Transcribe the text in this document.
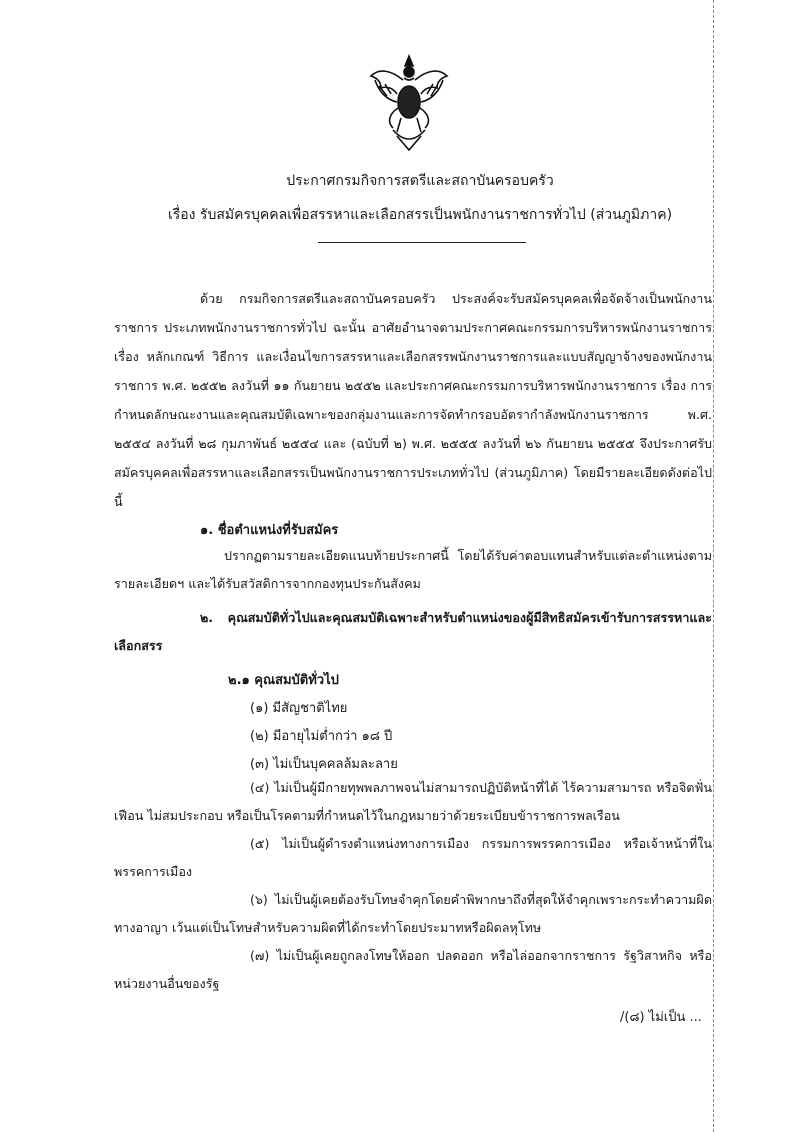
ประกาศกรมกิจการสตรีและสถาบันครอบครัว
เรื่อง รับสมัครบุคคลเพื่อสรรหาและเลือกสรรเป็นพนักงานราชการทั่วไป (ส่วนภูมิภาค)
ด้วย กรมกิจการสตรีและสถาบันครอบครัว ประสงค์จะรับสมัครบุคคลเพื่อจัดจ้างเป็นพนักงานราชการ ประเภทพนักงานราชการทั่วไป ฉะนั้น อาศัยอำนาจตามประกาศคณะกรรมการบริหารพนักงานราชการ เรื่อง หลักเกณฑ์ วิธีการ และเงื่อนไขการสรรหาและเลือกสรรพนักงานราชการและแบบสัญญาจ้างของพนักงานราชการ พ.ศ. ๒๕๕๒ ลงวันที่ ๑๑ กันยายน ๒๕๕๒ และประกาศคณะกรรมการบริหารพนักงานราชการ เรื่อง การกำหนดลักษณะงานและคุณสมบัติเฉพาะของกลุ่มงานและการจัดทำกรอบอัตรากำลังพนักงานราชการ พ.ศ. ๒๕๕๔ ลงวันที่ ๒๘ กุมภาพันธ์ ๒๕๕๔ และ (ฉบับที่ ๒) พ.ศ. ๒๕๕๕ ลงวันที่ ๒๖ กันยายน ๒๕๕๕ จึงประกาศรับสมัครบุคคลเพื่อสรรหาและเลือกสรรเป็นพนักงานราชการประเภททั่วไป (ส่วนภูมิภาค) โดยมีรายละเอียดดังต่อไปนี้
๑. ชื่อตำแหน่งที่รับสมัคร
ปรากฏตามรายละเอียดแนบท้ายประกาศนี้ โดยได้รับค่าตอบแทนสำหรับแต่ละตำแหน่งตามรายละเอียดฯ และได้รับสวัสดิการจากกองทุนประกันสังคม
๒. คุณสมบัติทั่วไปและคุณสมบัติเฉพาะสำหรับตำแหน่งของผู้มีสิทธิสมัครเข้ารับการสรรหาและเลือกสรร
๒.๑ คุณสมบัติทั่วไป
(๑) มีสัญชาติไทย
(๒) มีอายุไม่ต่ำกว่า ๑๘ ปี
(๓) ไม่เป็นบุคคลล้มละลาย
(๔) ไม่เป็นผู้มีกายทุพพลภาพจนไม่สามารถปฏิบัติหน้าที่ได้ ไร้ความสามารถ หรือจิตฟั่นเฟือน ไม่สมประกอบ หรือเป็นโรคตามที่กำหนดไว้ในกฎหมายว่าด้วยระเบียบข้าราชการพลเรือน
(๕) ไม่เป็นผู้ดำรงตำแหน่งทางการเมือง กรรมการพรรคการเมือง หรือเจ้าหน้าที่ในพรรคการเมือง
(๖) ไม่เป็นผู้เคยต้องรับโทษจำคุกโดยคำพิพากษาถึงที่สุดให้จำคุกเพราะกระทำความผิดทางอาญา เว้นแต่เป็นโทษสำหรับความผิดที่ได้กระทำโดยประมาทหรือผิดลหุโทษ
(๗) ไม่เป็นผู้เคยถูกลงโทษให้ออก ปลดออก หรือไล่ออกจากราชการ รัฐวิสาหกิจ หรือหน่วยงานอื่นของรัฐ
/(๘) ไม่เป็น ...
